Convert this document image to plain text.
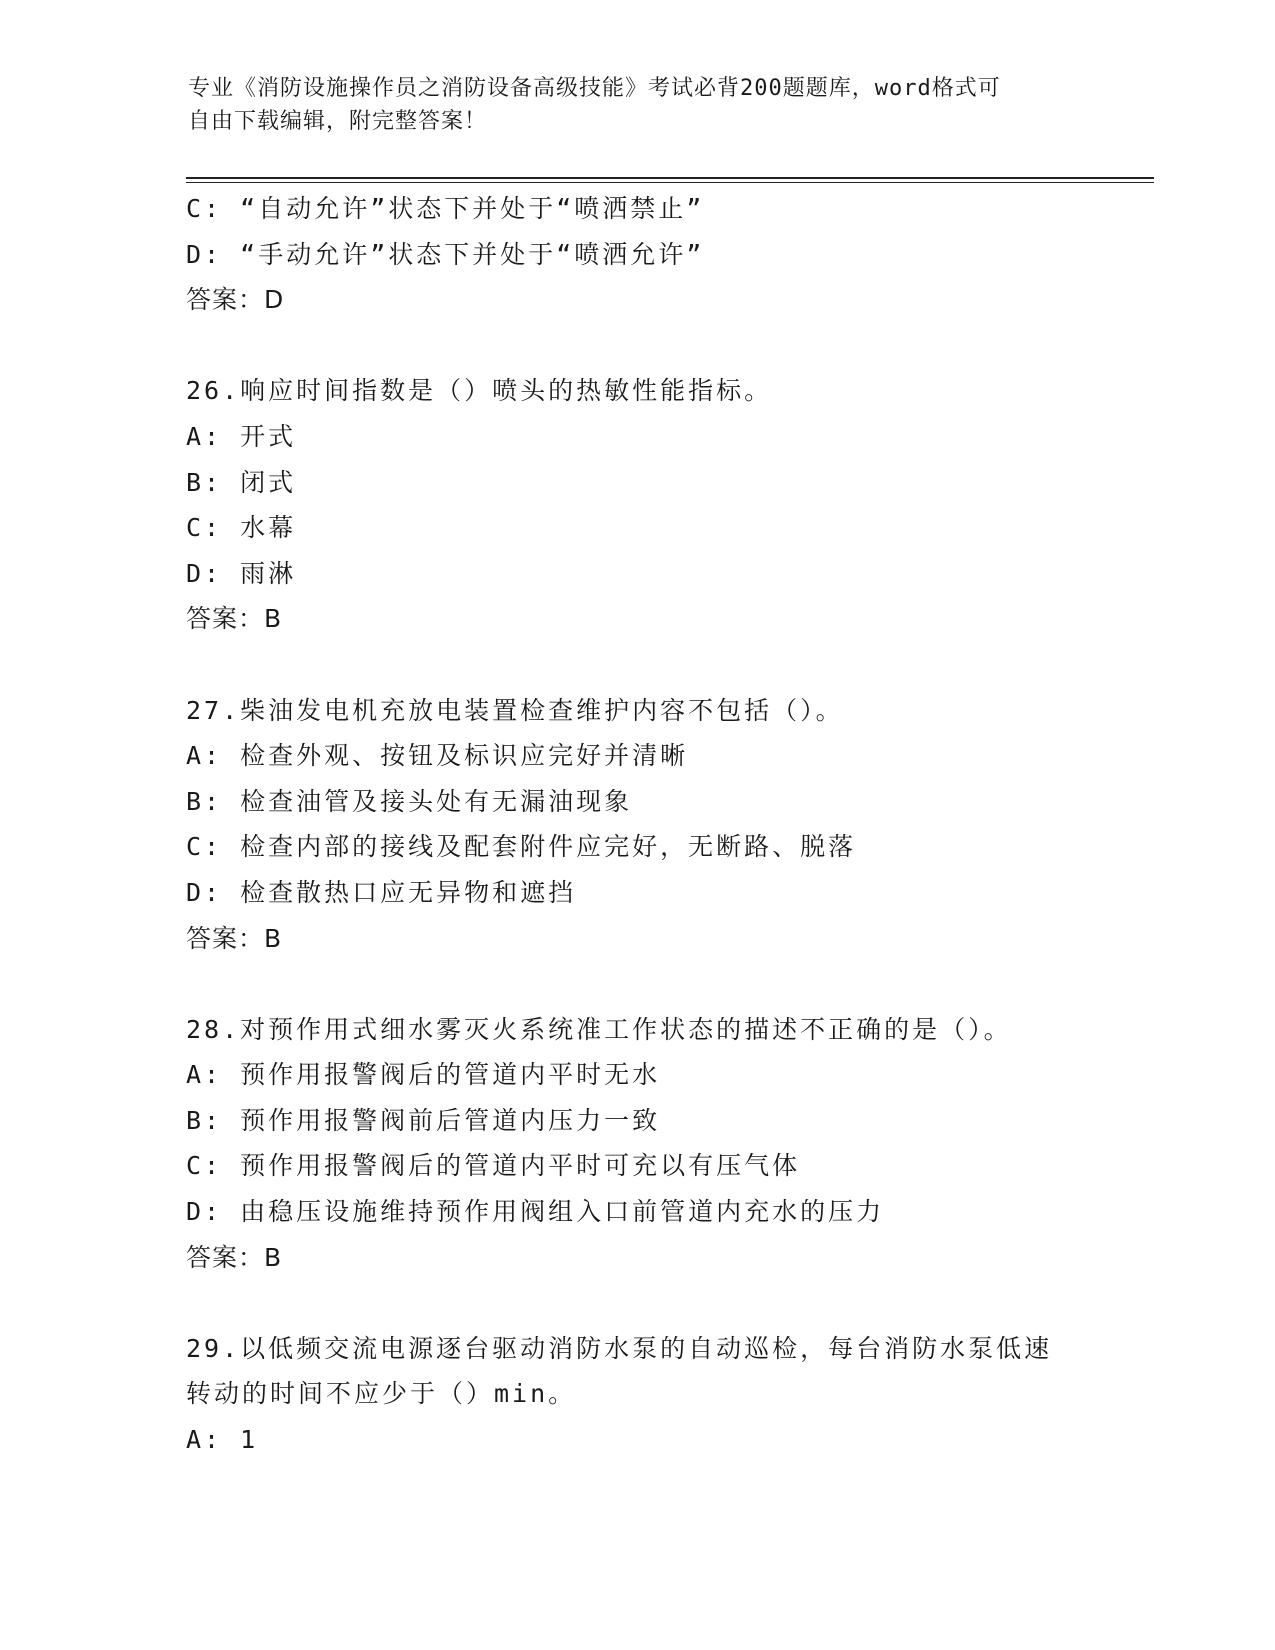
专业《消防设施操作员之消防设备高级技能》考试必背200题题库，word格式可
自由下载编辑，附完整答案！
C: “自动允许”状态下并处于“喷洒禁止”
D: “手动允许”状态下并处于“喷洒允许”
答案：D
26.响应时间指数是（）喷头的热敏性能指标。
A: 开式
B: 闭式
C: 水幕
D: 雨淋
答案：B
27.柴油发电机充放电装置检查维护内容不包括（）。
A: 检查外观、按钮及标识应完好并清晰
B: 检查油管及接头处有无漏油现象
C: 检查内部的接线及配套附件应完好，无断路、脱落
D: 检查散热口应无异物和遮挡
答案：B
28.对预作用式细水雾灭火系统准工作状态的描述不正确的是（）。
A: 预作用报警阀后的管道内平时无水
B: 预作用报警阀前后管道内压力一致
C: 预作用报警阀后的管道内平时可充以有压气体
D: 由稳压设施维持预作用阀组入口前管道内充水的压力
答案：B
29.以低频交流电源逐台驱动消防水泵的自动巡检，每台消防水泵低速
转动的时间不应少于（）min。
A: 1
